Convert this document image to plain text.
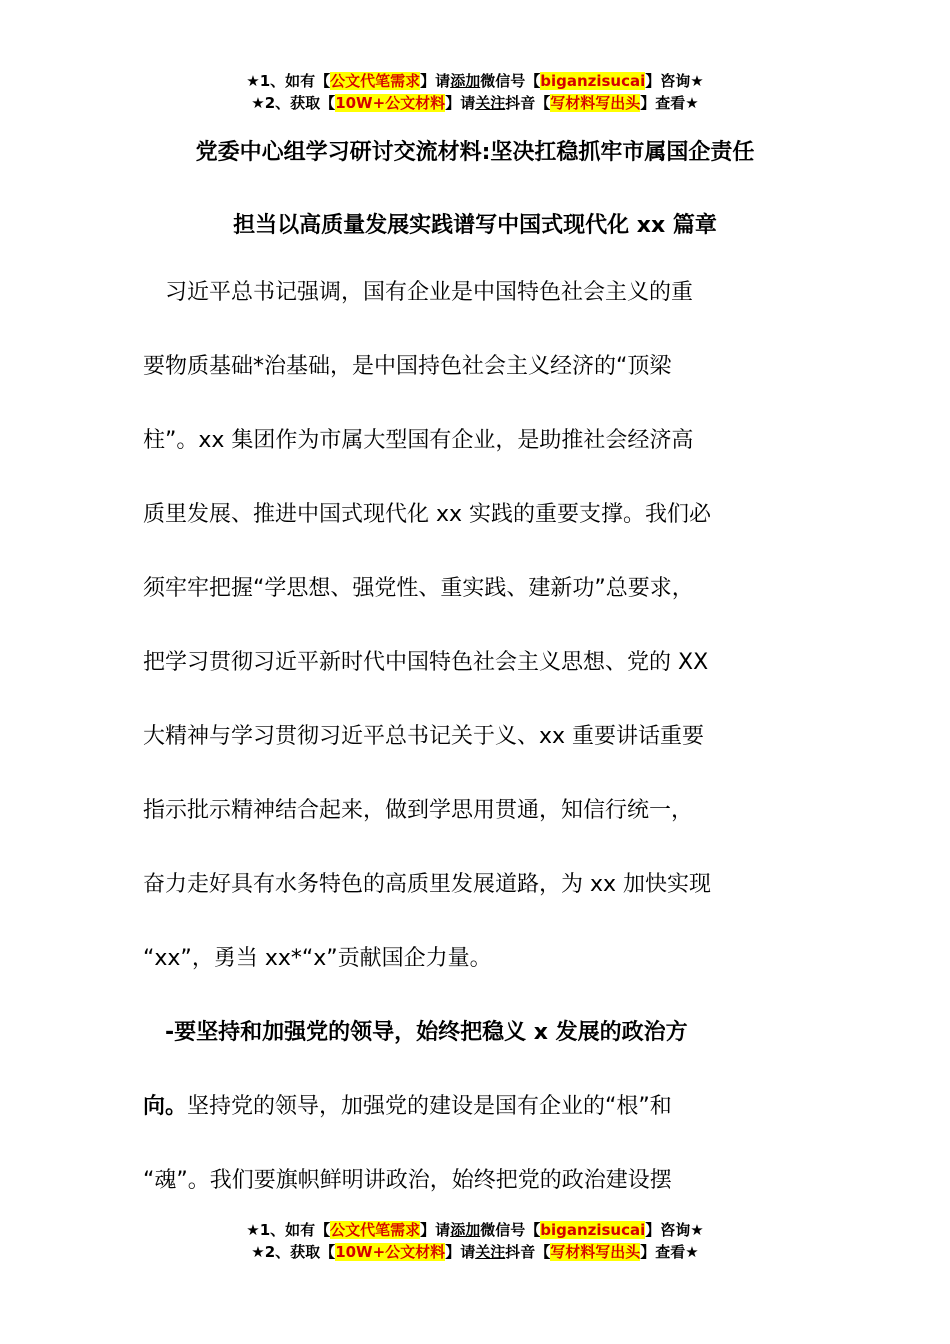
★1、如有【公文代笔需求】请添加微信号【biganzisucai】咨询★
★2、获取【10W+公文材料】请关注抖音【写材料写出头】查看★
党委中心组学习研讨交流材料:坚决扛稳抓牢市属国企责任
担当以高质量发展实践谱写中国式现代化 xx 篇章
　习近平总书记强调，国有企业是中国特色社会主义的重
要物质基础*治基础，是中国持色社会主义经济的“顶梁
柱”。xx 集团作为市属大型国有企业，是助推社会经济高
质里发展、推进中国式现代化 xx 实践的重要支撑。我们必
须牢牢把握“学思想、强党性、重实践、建新功”总要求，
把学习贯彻习近平新时代中国特色社会主义思想、党的 XX
大精神与学习贯彻习近平总书记关于义、xx 重要讲话重要
指示批示精神结合起来，做到学思用贯通，知信行统一，
奋力走好具有水务特色的高质里发展道路，为 xx 加快实现
“xx”，勇当 xx*“x”贡献国企力量。
　-要坚持和加强党的领导，始终把稳义 x 发展的政治方
向。坚持党的领导，加强党的建设是国有企业的“根”和
“魂”。我们要旗帜鲜明讲政治，始终把党的政治建设摆
★1、如有【公文代笔需求】请添加微信号【biganzisucai】咨询★
★2、获取【10W+公文材料】请关注抖音【写材料写出头】查看★
